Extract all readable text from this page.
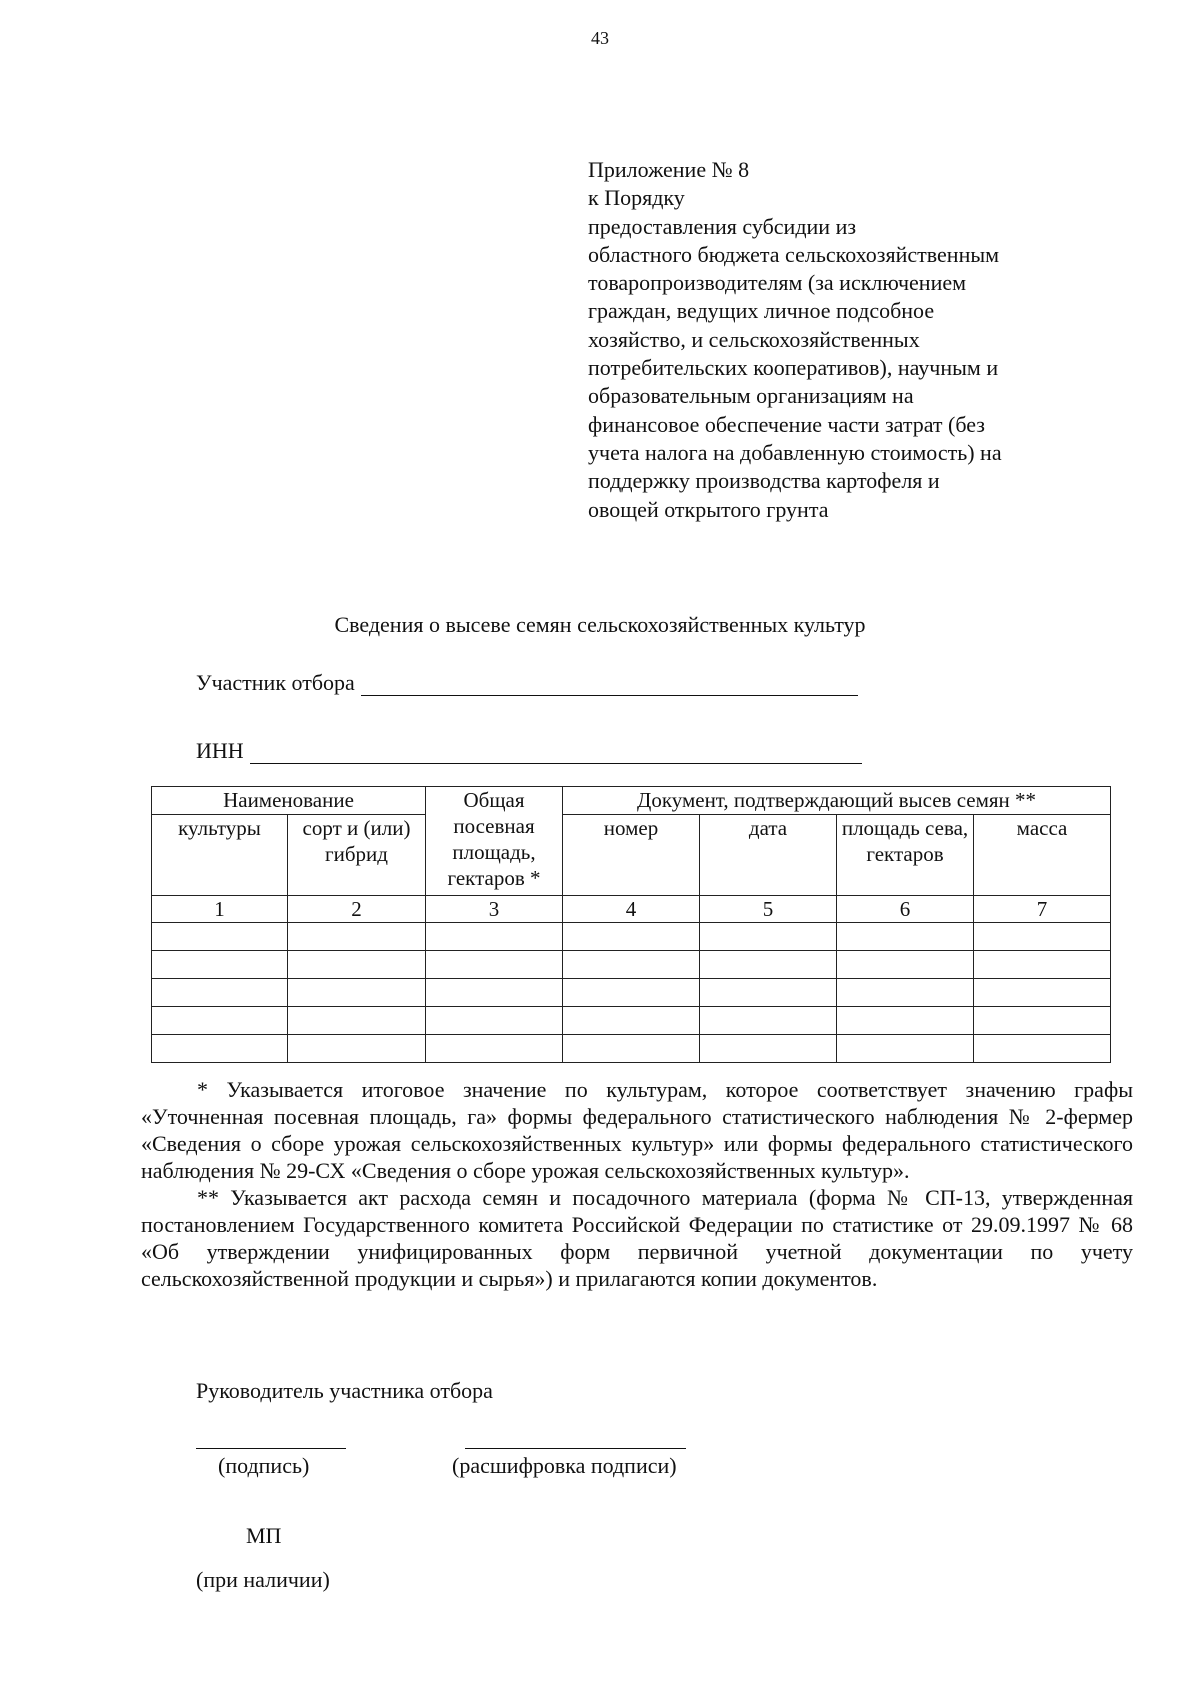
43
Приложение № 8
к Порядку
предоставления субсидии из
областного бюджета сельскохозяйственным
товаропроизводителям (за исключением
граждан, ведущих личное подсобное
хозяйство, и сельскохозяйственных
потребительских кооперативов), научным и
образовательным организациям на
финансовое обеспечение части затрат (без
учета налога на добавленную стоимость) на
поддержку производства картофеля и
овощей открытого грунта
Сведения о высеве семян сельскохозяйственных культур
Участник отбора
ИНН
Наименование		Общая посевная площадь, гектаров *	Документ, подтверждающий высев семян **			
культуры	сорт и (или) гибрид		номер	дата	площадь сева, гектаров	масса
1	2	3	4	5	6	7

* Указывается итоговое значение по культурам, которое соответствует значению графы «Уточненная посевная площадь, га» формы федерального статистического наблюдения № 2-фермер «Сведения о сборе урожая сельскохозяйственных культур» или формы федерального статистического наблюдения № 29-СХ «Сведения о сборе урожая сельскохозяйственных культур».

** Указывается акт расхода семян и посадочного материала (форма № СП-13, утвержденная постановлением Государственного комитета Российской Федерации по статистике от 29.09.1997 № 68 «Об утверждении унифицированных форм первичной учетной документации по учету сельскохозяйственной продукции и сырья») и прилагаются копии документов.

Руководитель участника отбора
(подпись)	(расшифровка подписи)
МП
(при наличии)
